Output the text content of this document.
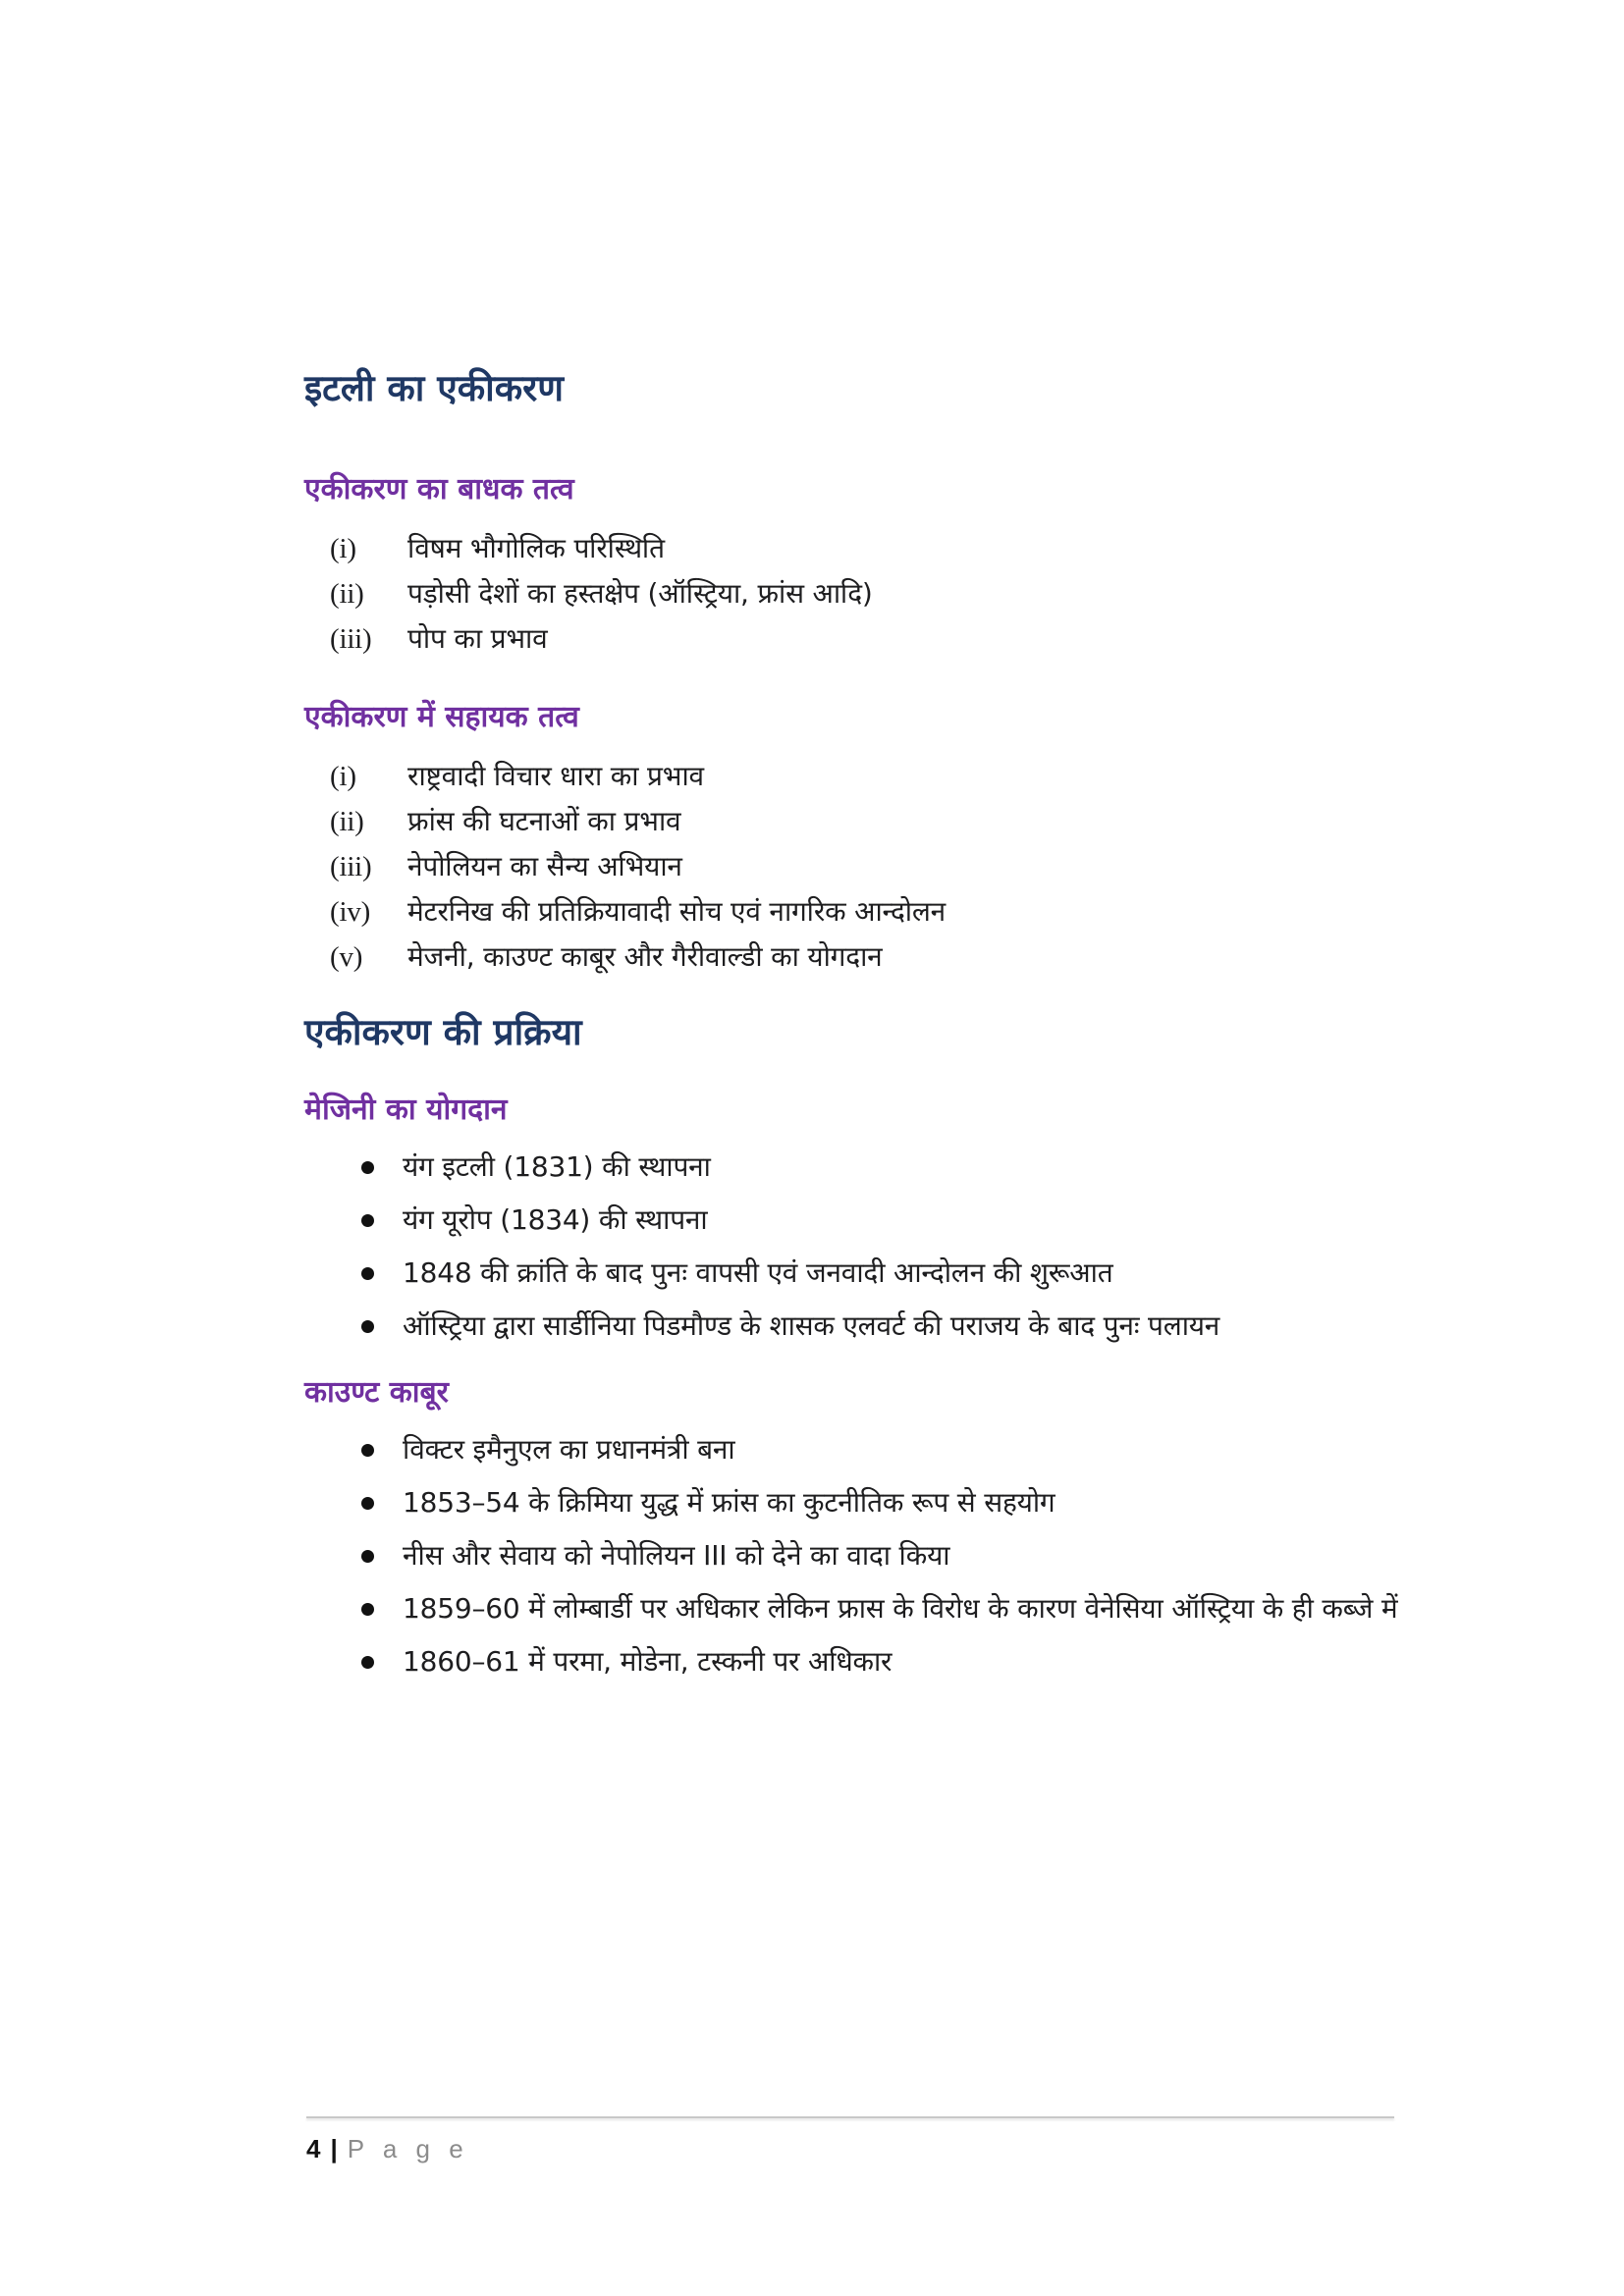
इटली का एकीकरण
एकीकरण का बाधक तत्व
(i) विषम भौगोलिक परिस्थिति
(ii) पड़ोसी देशों का हस्तक्षेप (ऑस्ट्रिया, फ्रांस आदि)
(iii) पोप का प्रभाव
एकीकरण में सहायक तत्व
(i) राष्ट्रवादी विचार धारा का प्रभाव
(ii) फ्रांस की घटनाओं का प्रभाव
(iii) नेपोलियन का सैन्य अभियान
(iv) मेटरनिख की प्रतिक्रियावादी सोच एवं नागरिक आन्दोलन
(v) मेजनी, काउण्ट काबूर और गैरीवाल्डी का योगदान
एकीकरण की प्रक्रिया
मेजिनी का योगदान
यंग इटली (1831) की स्थापना
यंग यूरोप (1834) की स्थापना
1848 की क्रांति के बाद पुनः वापसी एवं जनवादी आन्दोलन की शुरूआत
ऑस्ट्रिया द्वारा सार्डीनिया पिडमौण्ड के शासक एलवर्ट की पराजय के बाद पुनः पलायन
काउण्ट काबूर
विक्टर इमैनुएल का प्रधानमंत्री बना
1853–54 के क्रिमिया युद्ध में फ्रांस का कुटनीतिक रूप से सहयोग
नीस और सेवाय को नेपोलियन III को देने का वादा किया
1859–60 में लोम्बार्डी पर अधिकार लेकिन फ्रास के विरोध के कारण वेनेसिया ऑस्ट्रिया के ही कब्जे में
1860–61 में परमा, मोडेना, टस्कनी पर अधिकार
4 | P a g e
